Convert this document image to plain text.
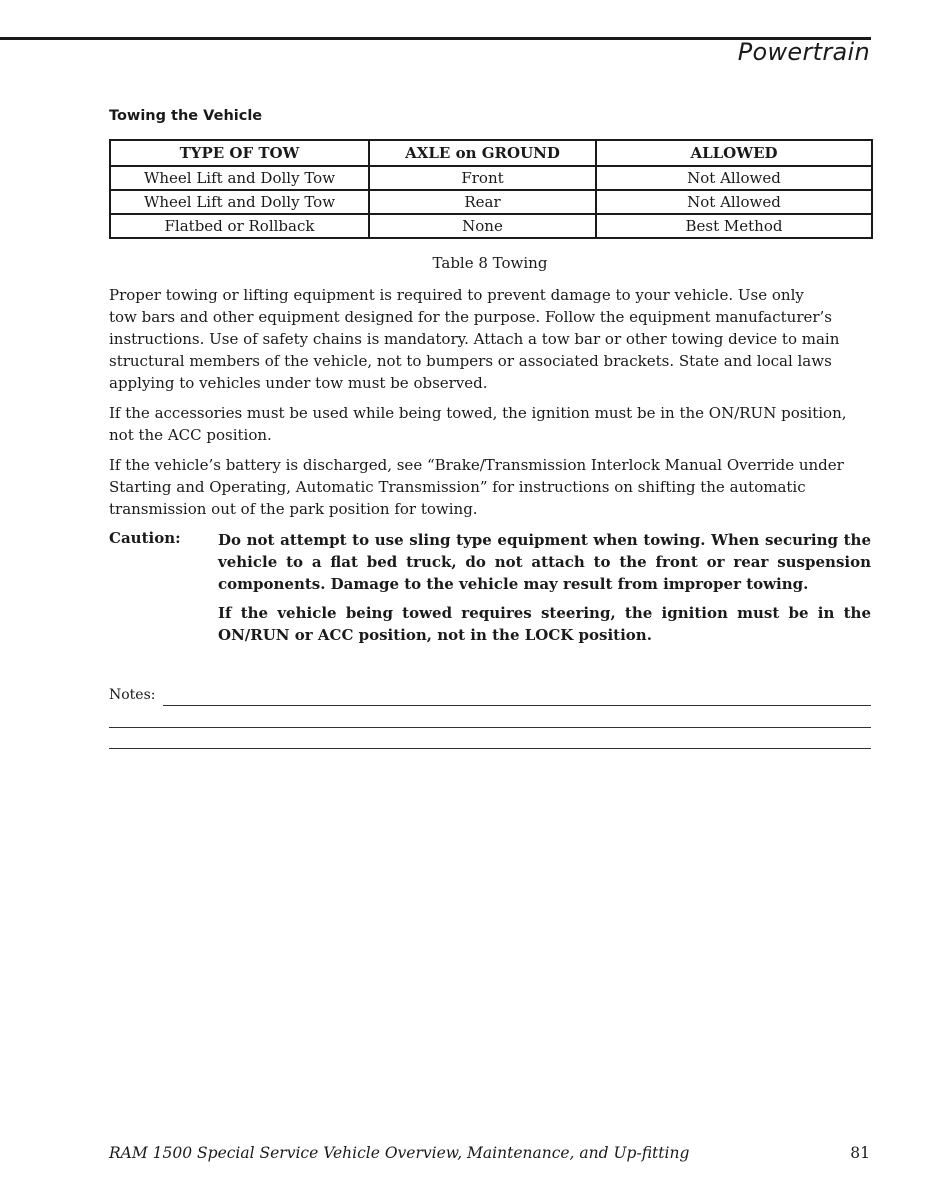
Powertrain
Towing the Vehicle
TYPE OF TOW	AXLE on GROUND	ALLOWED
Wheel Lift and Dolly Tow	Front	Not Allowed
Wheel Lift and Dolly Tow	Rear	Not Allowed
Flatbed or Rollback	None	Best Method
Table 8 Towing

Proper towing or lifting equipment is required to prevent damage to your vehicle. Use only
tow bars and other equipment designed for the purpose. Follow the equipment manufacturer’s
instructions. Use of safety chains is mandatory. Attach a tow bar or other towing device to main
structural members of the vehicle, not to bumpers or associated brackets. State and local laws
applying to vehicles under tow must be observed.

If the accessories must be used while being towed, the ignition must be in the ON/RUN position,
not the ACC position.

If the vehicle’s battery is discharged, see “Brake/Transmission Interlock Manual Override under
Starting and Operating, Automatic Transmission” for instructions on shifting the automatic
transmission out of the park position for towing.

Caution: Do not attempt to use sling type equipment when towing. When securing the vehicle to a flat bed truck, do not attach to the front or rear suspension components. Damage to the vehicle may result from improper towing.

If the vehicle being towed requires steering, the ignition must be in the ON/RUN or ACC position, not in the LOCK position.

Notes:
RAM 1500 Special Service Vehicle Overview, Maintenance, and Up-fitting	81
